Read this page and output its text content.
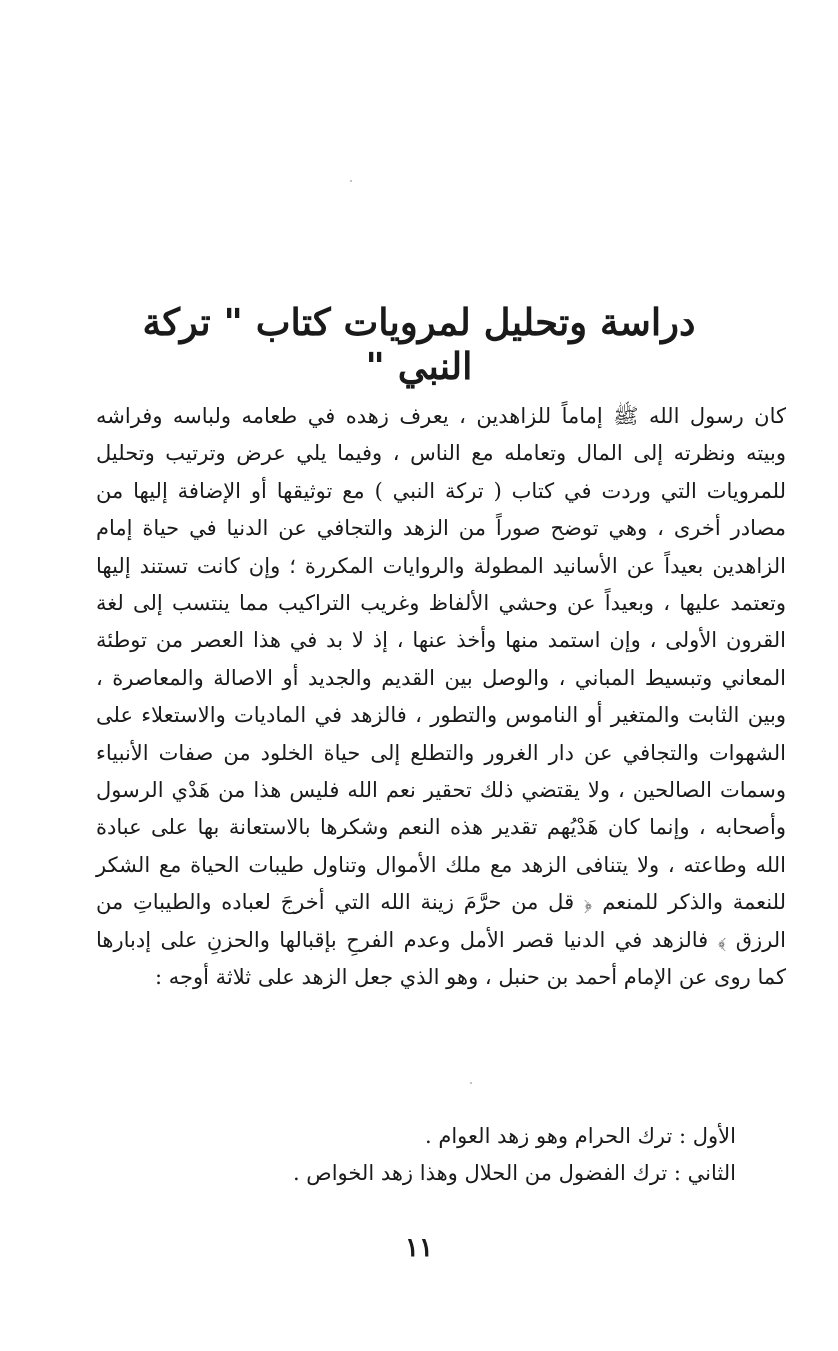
دراسة وتحليل لمرويات كتاب " تركة النبي "

كان رسول الله ﷺ إماماً للزاهدين ، يعرف زهده في طعامه ولباسه وفراشه وبيته ونظرته إلى المال وتعامله مع الناس ، وفيما يلي عرض وترتيب وتحليل للمرويات التي وردت في كتاب ( تركة النبي ) مع توثيقها أو الإضافة إليها من مصادر أخرى ، وهي توضح صوراً من الزهد والتجافي عن الدنيا في حياة إمام الزاهدين بعيداً عن الأسانيد المطولة والروايات المكررة ؛ وإن كانت تستند إليها وتعتمد عليها ، وبعيداً عن وحشي الألفاظ وغريب التراكيب مما ينتسب إلى لغة القرون الأولى ، وإن استمد منها وأخذ عنها ، إذ لا بد في هذا العصر من توطئة المعاني وتبسيط المباني ، والوصل بين القديم والجديد أو الاصالة والمعاصرة ، وبين الثابت والمتغير أو الناموس والتطور ، فالزهد في الماديات والاستعلاء على الشهوات والتجافي عن دار الغرور والتطلع إلى حياة الخلود من صفات الأنبياء وسمات الصالحين ، ولا يقتضي ذلك تحقير نعم الله فليس هذا من هَدْي الرسول وأصحابه ، وإنما كان هَدْيُهم تقدير هذه النعم وشكرها بالاستعانة بها على عبادة الله وطاعته ، ولا يتنافى الزهد مع ملك الأموال وتناول طيبات الحياة مع الشكر للنعمة والذكر للمنعم ﴿ قل من حرَّمَ زينة الله التي أخرجَ لعباده والطيباتِ من الرزق ﴾ فالزهد في الدنيا قصر الأمل وعدم الفرحِ بإقبالها والحزنِ على إدبارها كما روى عن الإمام أحمد بن حنبل ، وهو الذي جعل الزهد على ثلاثة أوجه :

الأول : ترك الحرام وهو زهد العوام .
الثاني : ترك الفضول من الحلال وهذا زهد الخواص .
١١
